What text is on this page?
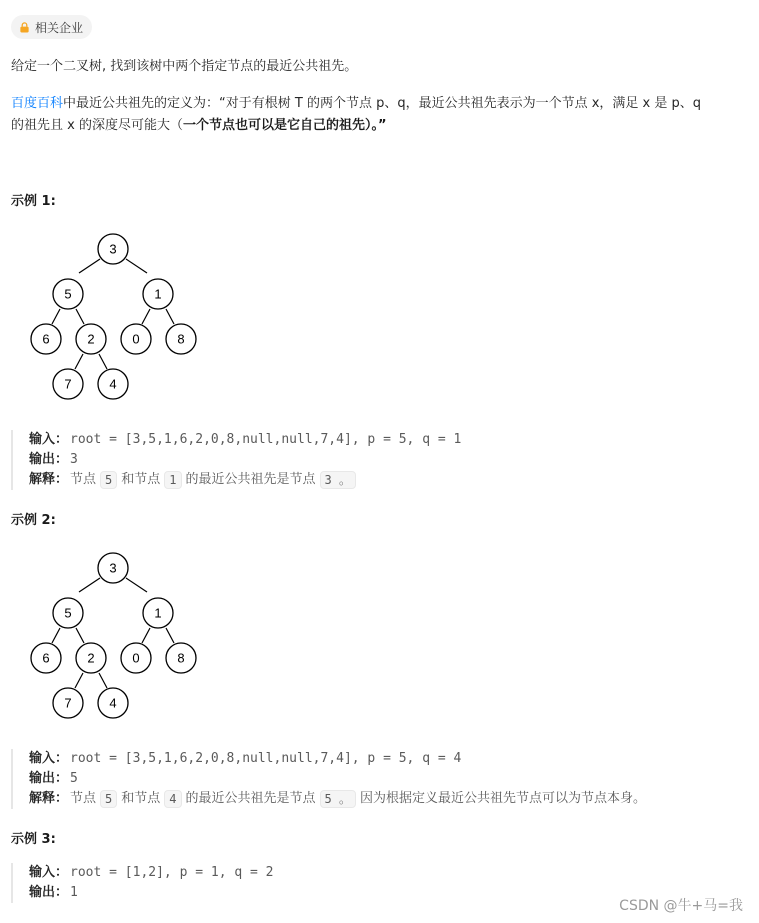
相关企业
给定一个二叉树, 找到该树中两个指定节点的最近公共祖先。
百度百科中最近公共祖先的定义为：“对于有根树 T 的两个节点 p、q，最近公共祖先表示为一个节点 x，满足 x 是 p、q
的祖先且 x 的深度尽可能大（一个节点也可以是它自己的祖先）。”
示例 1:
3
5	1
6	2	0	8
7	4
输入： root = [3,5,1,6,2,0,8,null,null,7,4], p = 5, q = 1
输出： 3
解释： 节点 5 和节点 1 的最近公共祖先是节点 3 。
示例 2:
3
5	1
6	2	0	8
7	4
输入： root = [3,5,1,6,2,0,8,null,null,7,4], p = 5, q = 4
输出： 5
解释： 节点 5 和节点 4 的最近公共祖先是节点 5 。 因为根据定义最近公共祖先节点可以为节点本身。
示例 3:
输入： root = [1,2], p = 1, q = 2
输出： 1
CSDN @牛+马=我
